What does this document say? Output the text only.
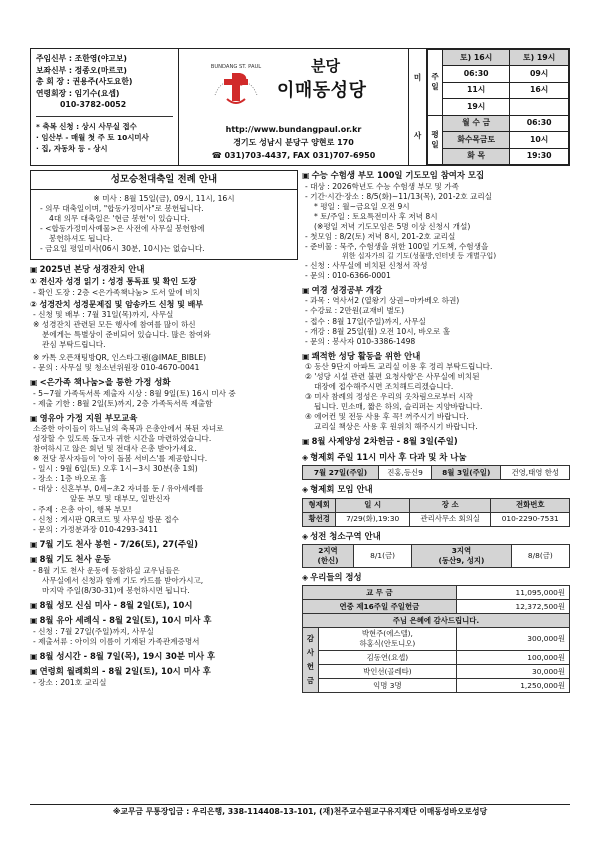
주임신부 : 조한영(야고보)
보좌신부 : 정종오(마르코)
총 회 장 : 권용주(사도요한)
연령회장 : 임기수(요셉)
010-3782-0052
* 축복 신청 : 상시 사무실 접수
· 임산부 - 매월 첫 주 토 10시미사
· 집, 자동차 등 - 상시
BUNDANG ST. PAUL	분당
이매동성당
http://www.bundangpaul.or.kr
경기도 성남시 분당구 양현로 170
☎ 031)703-4437, FAX 031)707-6950
미
사
주
일	토) 16시	토) 19시
	06:30	09시
	11시	16시
	19시	
평
일	월 수 금	06:30
	화수목금토	10시
	화 목	19:30
성모승천대축일 전례 안내
※ 미사 : 8월 15일(금), 09시, 11시, 16시
- 의무 대축일이며, "합동가정미사"로 봉헌됩니다.
4대 의무 대축일은 '현금 봉헌'이 있습니다.
- <합동가정미사예물>은 사전에 사무실 봉헌함에
봉헌하셔도 됩니다.
- 금요일 평일미사(06시 30분, 10시)는 없습니다.
▣ 2025년 본당 성경잔치 안내
① 전신자 성경 읽기 : 성경 통독표 및 확인 도장
- 확인 도장 : 2층 <은가족책나눔> 도서 앞에 비치
② 성경잔치 성경문제집 및 암송카드 신청 및 배부
- 신청 및 배부 : 7월 31일(목)까지, 사무실
※ 성경잔치 관련된 모든 행사에 참여를 많이 하신
분에게는 특별상이 준비되어 있습니다. 많은 참여와
관심 부탁드립니다.
※ 카톡 오픈채팅방QR, 인스타그램(@IMAE_BIBLE)
- 문의 : 사무실 및 청소년위원장 010-4670-0041
▣ <은가족 책나눔>을 통한 가정 성화
- 5~7월 가족독서록 제출자 시상 : 8월 9일(토) 16시 미사 중
- 제출 기한 : 8월 2일(토)까지, 2층 가족독서록 제출함
▣ 영유아 가정 지원 부모교육
소중한 아이들이 하느님의 축복과 은총안에서 복된 자녀로
성장할 수 있도록 돕고자 귀한 시간을 마련하였습니다.
참여하시고 않은 회년 및 전대사 은총 받아가세요.
※ 전당 봉사자들이 '아이 돌봄 서비스'를 제공합니다.
- 일시 : 9월 6일(토) 오후 1시~3시 30분(총 1회)
- 장소 : 1층 바오로 홀
- 대상 : 신혼부부, 0세~초2 자녀를 둔 / 유아세례를
앞둔 부모 및 대부모, 일반신자
- 주제 : 은총 아이, 행복 부모!
- 신청 : 게시판 QR코드 및 사무실 방문 접수
- 문의 : 가정분과장 010-4293-3411
▣ 7월 기도 천사 봉헌 - 7/26(토), 27(주일)
▣ 8월 기도 천사 운동
- 8월 기도 천사 운동에 동참하실 교우님들은
사무실에서 신청과 함께 기도 카드를 받아가시고,
마지막 주일(8/30-31)에 봉헌하시면 됩니다.
▣ 8월 성모 신심 미사 - 8월 2일(토), 10시
▣ 8월 유아 세례식 - 8월 2일(토), 10시 미사 후
- 신청 : 7월 27일(주일)까지, 사무실
- 제출서류 : 아이의 이름이 기재된 가족관계증명서
▣ 8월 성시간 - 8월 7일(목), 19시 30분 미사 후
▣ 연령회 월례회의 - 8월 2일(토), 10시 미사 후
- 장소 : 201호 교리실
▣ 수능 수험생 부모 100일 기도모임 참여자 모집
- 대상 : 2026학년도 수능 수험생 부모 및 가족
- 기간·시간·장소 : 8/5(화)~11/13(목), 201-2호 교리실
* 평일 : 월~금요일 오전 9시
* 토/주일 : 토요특전미사 후 저녁 8시
(※평일 저녁 기도모임은 5명 이상 신청시 개설)
- 첫모임 : 8/2(토) 저녁 8시, 201-2호 교리실
- 준비물 : 묵주, 수험생을 위한 100일 기도책, 수험생을
위한 십자가의 길 기도(성물방,인터넷 등 개별구입)
- 신청 : 사무실에 비치된 신청서 작성
- 문의 : 010-6366-0001
▣ 여경 성경공부 개강
- 과목 : 역사서2 (열왕기 상권~마카베오 하권)
- 수강료 : 2만원(교재비 별도)
- 접수 : 8월 17일(주일)까지, 사무실
- 개강 : 8월 25일(월) 오전 10시, 바오로 홀
- 문의 : 봉사자 010-3386-1498
▣ 쾌적한 성당 활동을 위한 안내
① 동산 9단지 아파트 교리실 이용 후 정리 부탁드립니다.
② '성당 시설 관련 불편 요청사항'은 사무실에 비치된
대장에 접수해주시면 조치해드리겠습니다.
③ 미사 참례의 정성은 우리의 옷차림으로부터 시작
됩니다. 민소매, 짧은 하의, 슬리퍼는 지양바랍니다.
④ 에어컨 및 전등 사용 후 꼭! 꺼주시기 바랍니다.
교리실 책상은 사용 후 원위치 해주시기 바랍니다.
▣ 8월 사제양성 2차헌금 - 8월 3일(주일)
◈ 형제회 주일 11시 미사 후 다과 및 차 나눔
7월 27일(주일)	진홍,등신9	8월 3일(주일)	건영,태영 한성
◈ 형제회 모임 안내
형제회	일 시	장 소	전화번호
황선경	7/29(화),19:30	관리사무소 회의실	010-2290-7531
◈ 성전 청소구역 안내
2지역
(한신)	8/1(금)	3지역
(동산9, 성지)	8/8(금)
◈ 우리들의 정성
교 무 금		11,095,000원
연중 제16주일 주일헌금		12,372,500원
주님 은혜에 감사드립니다.		
감
사
헌
금	박현주(에스텔),
하홍식(안토니오)	300,000원
	김동연(요셉)	100,000원
	박인선(골레타)	30,000원
	익명 3명	1,250,000원
※교무금 무통장입금 : 우리은행, 338-114408-13-101, (재)천주교수원교구유지재단 이매동성바오로성당
